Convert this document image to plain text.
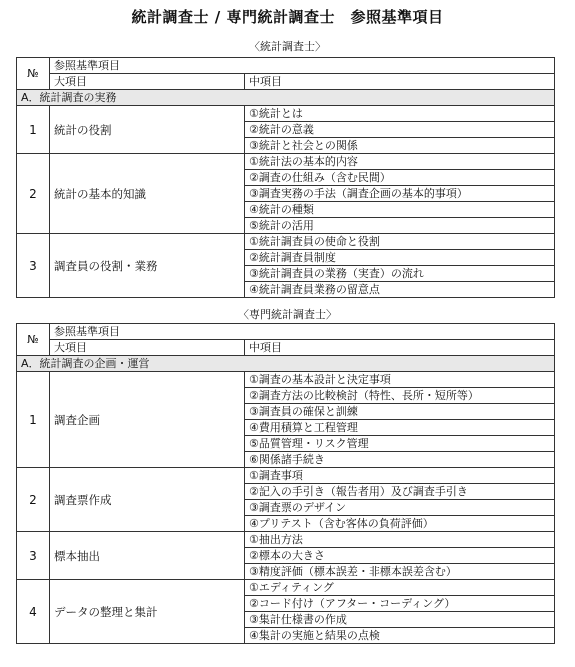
統計調査士 / 専門統計調査士　参照基準項目
〈統計調査士〉
№	参照基準項目	
	大項目	中項目
A．統計調査の実務		
1	統計の役割	①統計とは
		②統計の意義
		③統計と社会との関係
2	統計の基本的知識	①統計法の基本的内容
		②調査の仕組み（含む民間）
		③調査実務の手法（調査企画の基本的事項）
		④統計の種類
		⑤統計の活用
3	調査員の役割・業務	①統計調査員の使命と役割
		②統計調査員制度
		③統計調査員の業務（実査）の流れ
		④統計調査員業務の留意点
〈専門統計調査士〉
№	参照基準項目	
	大項目	中項目
A．統計調査の企画・運営		
1	調査企画	①調査の基本設計と決定事項
		②調査方法の比較検討（特性、長所・短所等）
		③調査員の確保と訓練
		④費用積算と工程管理
		⑤品質管理・リスク管理
		⑥関係諸手続き
2	調査票作成	①調査事項
		②記入の手引き（報告者用）及び調査手引き
		③調査票のデザイン
		④プリテスト（含む客体の負荷評価）
3	標本抽出	①抽出方法
		②標本の大きさ
		③精度評価（標本誤差・非標本誤差含む）
4	データの整理と集計	①エディティング
		②コード付け（アフター・コーディング）
		③集計仕様書の作成
		④集計の実施と結果の点検
